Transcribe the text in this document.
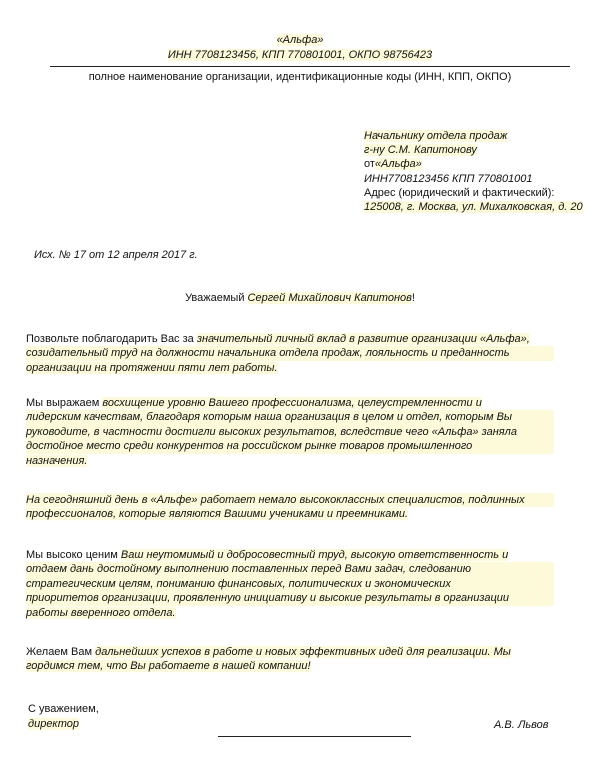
«Альфа»
ИНН 7708123456, КПП 770801001, ОКПО 98756423
полное наименование организации, идентификационные коды (ИНН, КПП, ОКПО)
Начальнику отдела продаж
г-ну С.М. Капитонову
от«Альфа»
ИНН7708123456 КПП 770801001
Адрес (юридический и фактический):
125008, г. Москва, ул. Михалковская, д. 20
Исх. № 17 от 12 апреля 2017 г.
Уважаемый Сергей Михайлович Капитонов!
Позвольте поблагодарить Вас за значительный личный вклад в развитие организации «Альфа»,
созидательный труд на должности начальника отдела продаж, лояльность и преданность
организации на протяжении пяти лет работы.
Мы выражаем восхищение уровню Вашего профессионализма, целеустремленности и
лидерским качествам, благодаря которым наша организация в целом и отдел, которым Вы
руководите, в частности достигли высоких результатов, вследствие чего «Альфа» заняла
достойное место среди конкурентов на российском рынке товаров промышленного
назначения.
На сегодняшний день в «Альфе» работает немало высококлассных специалистов, подлинных
профессионалов, которые являются Вашими учениками и преемниками.
Мы высоко ценим Ваш неутомимый и добросовестный труд, высокую ответственность и
отдаем дань достойному выполнению поставленных перед Вами задач, следованию
стратегическим целям, пониманию финансовых, политических и экономических
приоритетов организации, проявленную инициативу и высокие результаты в организации
работы вверенного отдела.
Желаем Вам дальнейших успехов в работе и новых эффективных идей для реализации. Мы
гордимся тем, что Вы работаете в нашей компании!
С уважением,
директор	А.В. Львов
